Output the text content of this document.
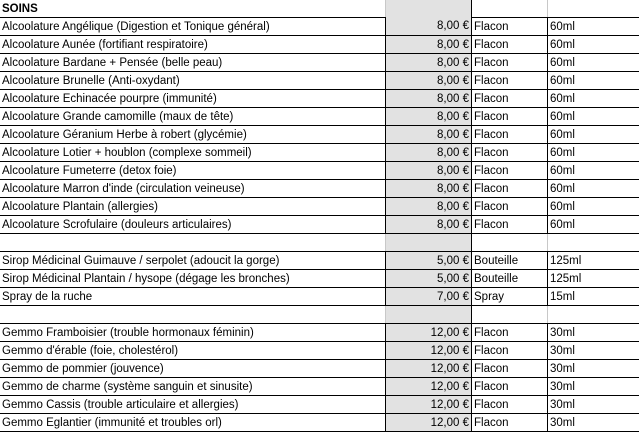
SOINS			
Alcoolature Angélique (Digestion et Tonique général)	8,00 €	Flacon	60ml
Alcoolature Aunée (fortifiant respiratoire)	8,00 €	Flacon	60ml
Alcoolature Bardane + Pensée (belle peau)	8,00 €	Flacon	60ml
Alcoolature Brunelle (Anti-oxydant)	8,00 €	Flacon	60ml
Alcoolature Echinacée pourpre (immunité)	8,00 €	Flacon	60ml
Alcoolature Grande camomille (maux de tête)	8,00 €	Flacon	60ml
Alcoolature Géranium Herbe à robert (glycémie)	8,00 €	Flacon	60ml
Alcoolature Lotier + houblon (complexe sommeil)	8,00 €	Flacon	60ml
Alcoolature Fumeterre (detox foie)	8,00 €	Flacon	60ml
Alcoolature Marron d'inde (circulation veineuse)	8,00 €	Flacon	60ml
Alcoolature Plantain (allergies)	8,00 €	Flacon	60ml
Alcoolature Scrofulaire (douleurs articulaires)	8,00 €	Flacon	60ml

Sirop Médicinal Guimauve / serpolet (adoucit la gorge)	5,00 €	Bouteille	125ml
Sirop Médicinal Plantain / hysope (dégage les bronches)	5,00 €	Bouteille	125ml
Spray de la ruche	7,00 €	Spray	15ml

Gemmo Framboisier (trouble hormonaux féminin)	12,00 €	Flacon	30ml
Gemmo d'érable (foie, cholestérol)	12,00 €	Flacon	30ml
Gemmo de pommier (jouvence)	12,00 €	Flacon	30ml
Gemmo de charme (système sanguin et sinusite)	12,00 €	Flacon	30ml
Gemmo Cassis (trouble articulaire et allergies)	12,00 €	Flacon	30ml
Gemmo Eglantier (immunité et troubles orl)	12,00 €	Flacon	30ml
